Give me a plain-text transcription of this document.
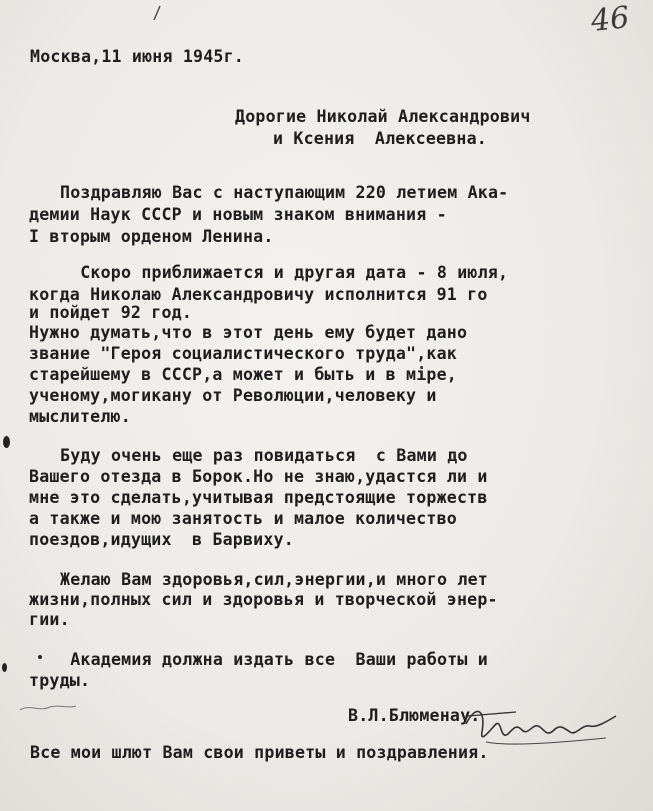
46
Москва,11 июня 1945г.
Дорогие Николай Александрович
и Ксения  Алексеевна.
Поздравляю Вас с наступающим 220 летием Ака-
демии Наук СССР и новым знаком внимания -
I вторым орденом Ленина.
Скоро приближается и другая дата - 8 июля,
когда Николаю Александровичу исполнится 91 го
и пойдет 92 год.
Нужно думать,что в этот день ему будет дано
звание "Героя социалистического труда",как
старейшему в СССР,а может и быть и в міре,
ученому,могикану от Революции,человеку и
мыслителю.
Буду очень еще раз повидаться  с Вами до
Вашего отезда в Борок.Но не знаю,удастся ли и
мне это сделать,учитывая предстоящие торжеств
а также и мою занятость и малое количество
поездов,идущих  в Барвиху.
Желаю Вам здоровья,сил,энергии,и много лет
жизни,полных сил и здоровья и творческой энер-
гии.
Академия должна издать все  Ваши работы и
труды.
В.Л.Блюменау.
Все мои шлют Вам свои приветы и поздравления.
